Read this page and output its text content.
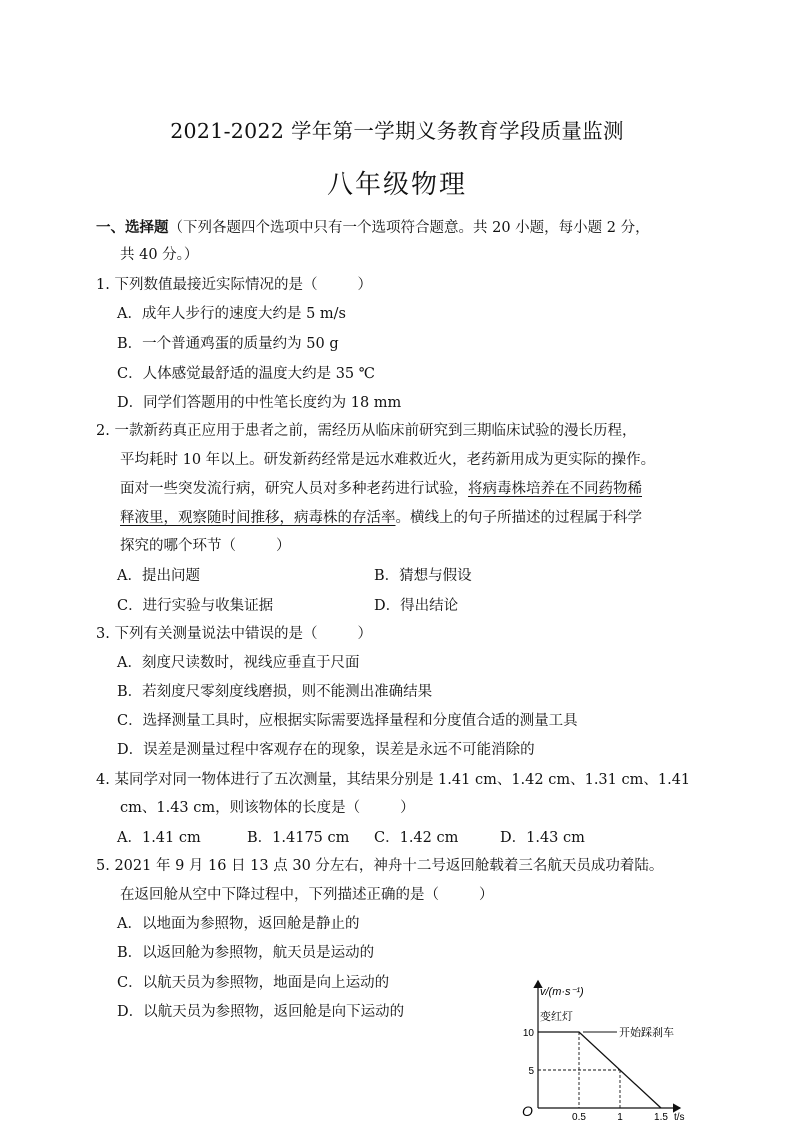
2021-2022 学年第一学期义务教育学段质量监测
八年级物理
一、选择题（下列各题四个选项中只有一个选项符合题意。共 20 小题，每小题 2 分，
共 40 分。）
1. 下列数值最接近实际情况的是（	）
A．成年人步行的速度大约是 5 m/s
B．一个普通鸡蛋的质量约为 50 g
C．人体感觉最舒适的温度大约是 35 ℃
D．同学们答题用的中性笔长度约为 18 mm
2. 一款新药真正应用于患者之前，需经历从临床前研究到三期临床试验的漫长历程，
平均耗时 10 年以上。研发新药经常是远水难救近火，老药新用成为更实际的操作。
面对一些突发流行病，研究人员对多种老药进行试验，将病毒株培养在不同药物稀
释液里，观察随时间推移，病毒株的存活率。横线上的句子所描述的过程属于科学
探究的哪个环节（	）
A．提出问题	B．猜想与假设
C．进行实验与收集证据	D．得出结论
3. 下列有关测量说法中错误的是（	）
A．刻度尺读数时，视线应垂直于尺面
B．若刻度尺零刻度线磨损，则不能测出准确结果
C．选择测量工具时，应根据实际需要选择量程和分度值合适的测量工具
D．误差是测量过程中客观存在的现象，误差是永远不可能消除的
4. 某同学对同一物体进行了五次测量，其结果分别是 1.41 cm、1.42 cm、1.31 cm、1.41
cm、1.43 cm，则该物体的长度是（	）
A．1.41 cm	B．1.4175 cm C．1.42 cm	D．1.43 cm
5. 2021 年 9 月 16 日 13 点 30 分左右，神舟十二号返回舱载着三名航天员成功着陆。
在返回舱从空中下降过程中，下列描述正确的是（	）
A．以地面为参照物，返回舱是静止的
B．以返回舱为参照物，航天员是运动的
C．以航天员为参照物，地面是向上运动的
D．以航天员为参照物，返回舱是向下运动的
0.5	1	1.5
5
10
v/(m·s⁻¹)
t/s
O
变红灯
开始踩刹车
